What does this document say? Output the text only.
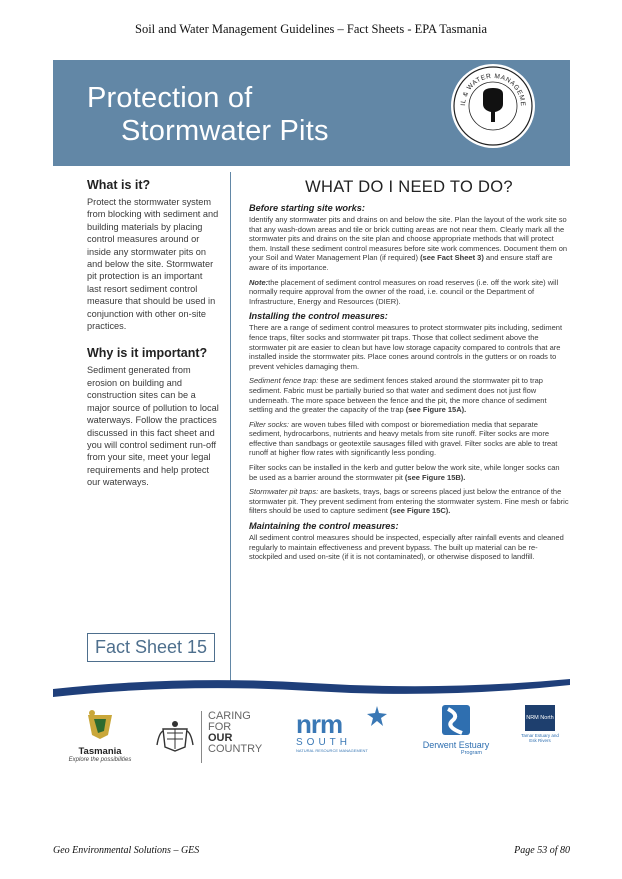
Soil and Water Management Guidelines – Fact Sheets - EPA Tasmania
Protection of
Stormwater Pits
IL & WATER MANAGEME
What is it?

Protect the stormwater system from blocking with sediment and building materials by placing control measures around or inside any stormwater pits on and below the site. Stormwater pit protection is an important last resort sediment control measure that should be used in conjunction with other on-site practices.

Why is it important?

Sediment generated from erosion on building and construction sites can be a major source of pollution to local waterways. Follow the practices discussed in this fact sheet and you will control sediment run-off from your site, meet your legal requirements and help protect our waterways.

WHAT DO I NEED TO DO?
Before starting site works:

Identify any stormwater pits and drains on and below the site. Plan the layout of the work site so that any wash-down areas and tile or brick cutting areas are not near them. Clearly mark all the stormwater pits and drains on the site plan and choose appropriate methods that will protect them. Install these sediment control measures before site work commences. Document them on your Soil and Water Management Plan (if required) (see Fact Sheet 3) and ensure staff are aware of its importance.

Note:the placement of sediment control measures on road reserves (i.e. off the work site) will normally require approval from the owner of the road, i.e. council or the Department of Infrastructure, Energy and Resources (DIER).

Installing the control measures:

There are a range of sediment control measures to protect stormwater pits including, sediment fence traps, filter socks and stormwater pit traps. Those that collect sediment above the stormwater pit are easier to clean but have low storage capacity compared to controls that are installed inside the stormwater pits. Place cones around controls in the gutters or on roads to prevent vehicles damaging them.

Sediment fence trap: these are sediment fences staked around the stormwater pit to trap sediment. Fabric must be partially buried so that water and sediment does not just flow underneath. The more space between the fence and the pit, the more chance of sediment settling and the greater the capacity of the trap (see Figure 15A).

Filter socks: are woven tubes filled with compost or bioremediation media that separate sediment, hydrocarbons, nutrients and heavy metals from site runoff. Filter socks are more effective than sandbags or geotextile sausages filled with gravel. Filter socks are able to treat runoff at higher flow rates with significantly less ponding.

Filter socks can be installed in the kerb and gutter below the work site, while longer socks can be used as a barrier around the stormwater pit (see Figure 15B).

Stormwater pit traps: are baskets, trays, bags or screens placed just below the entrance of the stormwater pit. They prevent sediment from entering the stormwater system. Fine mesh or fabric filters should be used to capture sediment (see Figure 15C).

Maintaining the control measures:

All sediment control measures should be inspected, especially after rainfall events and cleaned regularly to maintain effectiveness and prevent bypass. The built up material can be re-stockpiled and used on-site (if it is not contaminated), or otherwise disposed to landfill.

Fact Sheet 15
Tasmania
Explore the possibilities
CARING
FOR
OUR
COUNTRY
nrm
SOUTH
NATURAL RESOURCE MANAGEMENT
Derwent Estuary
Program
NRM North
Tamar Estuary and Esk Rivers
Geo Environmental Solutions – GES	Page 53 of 80
